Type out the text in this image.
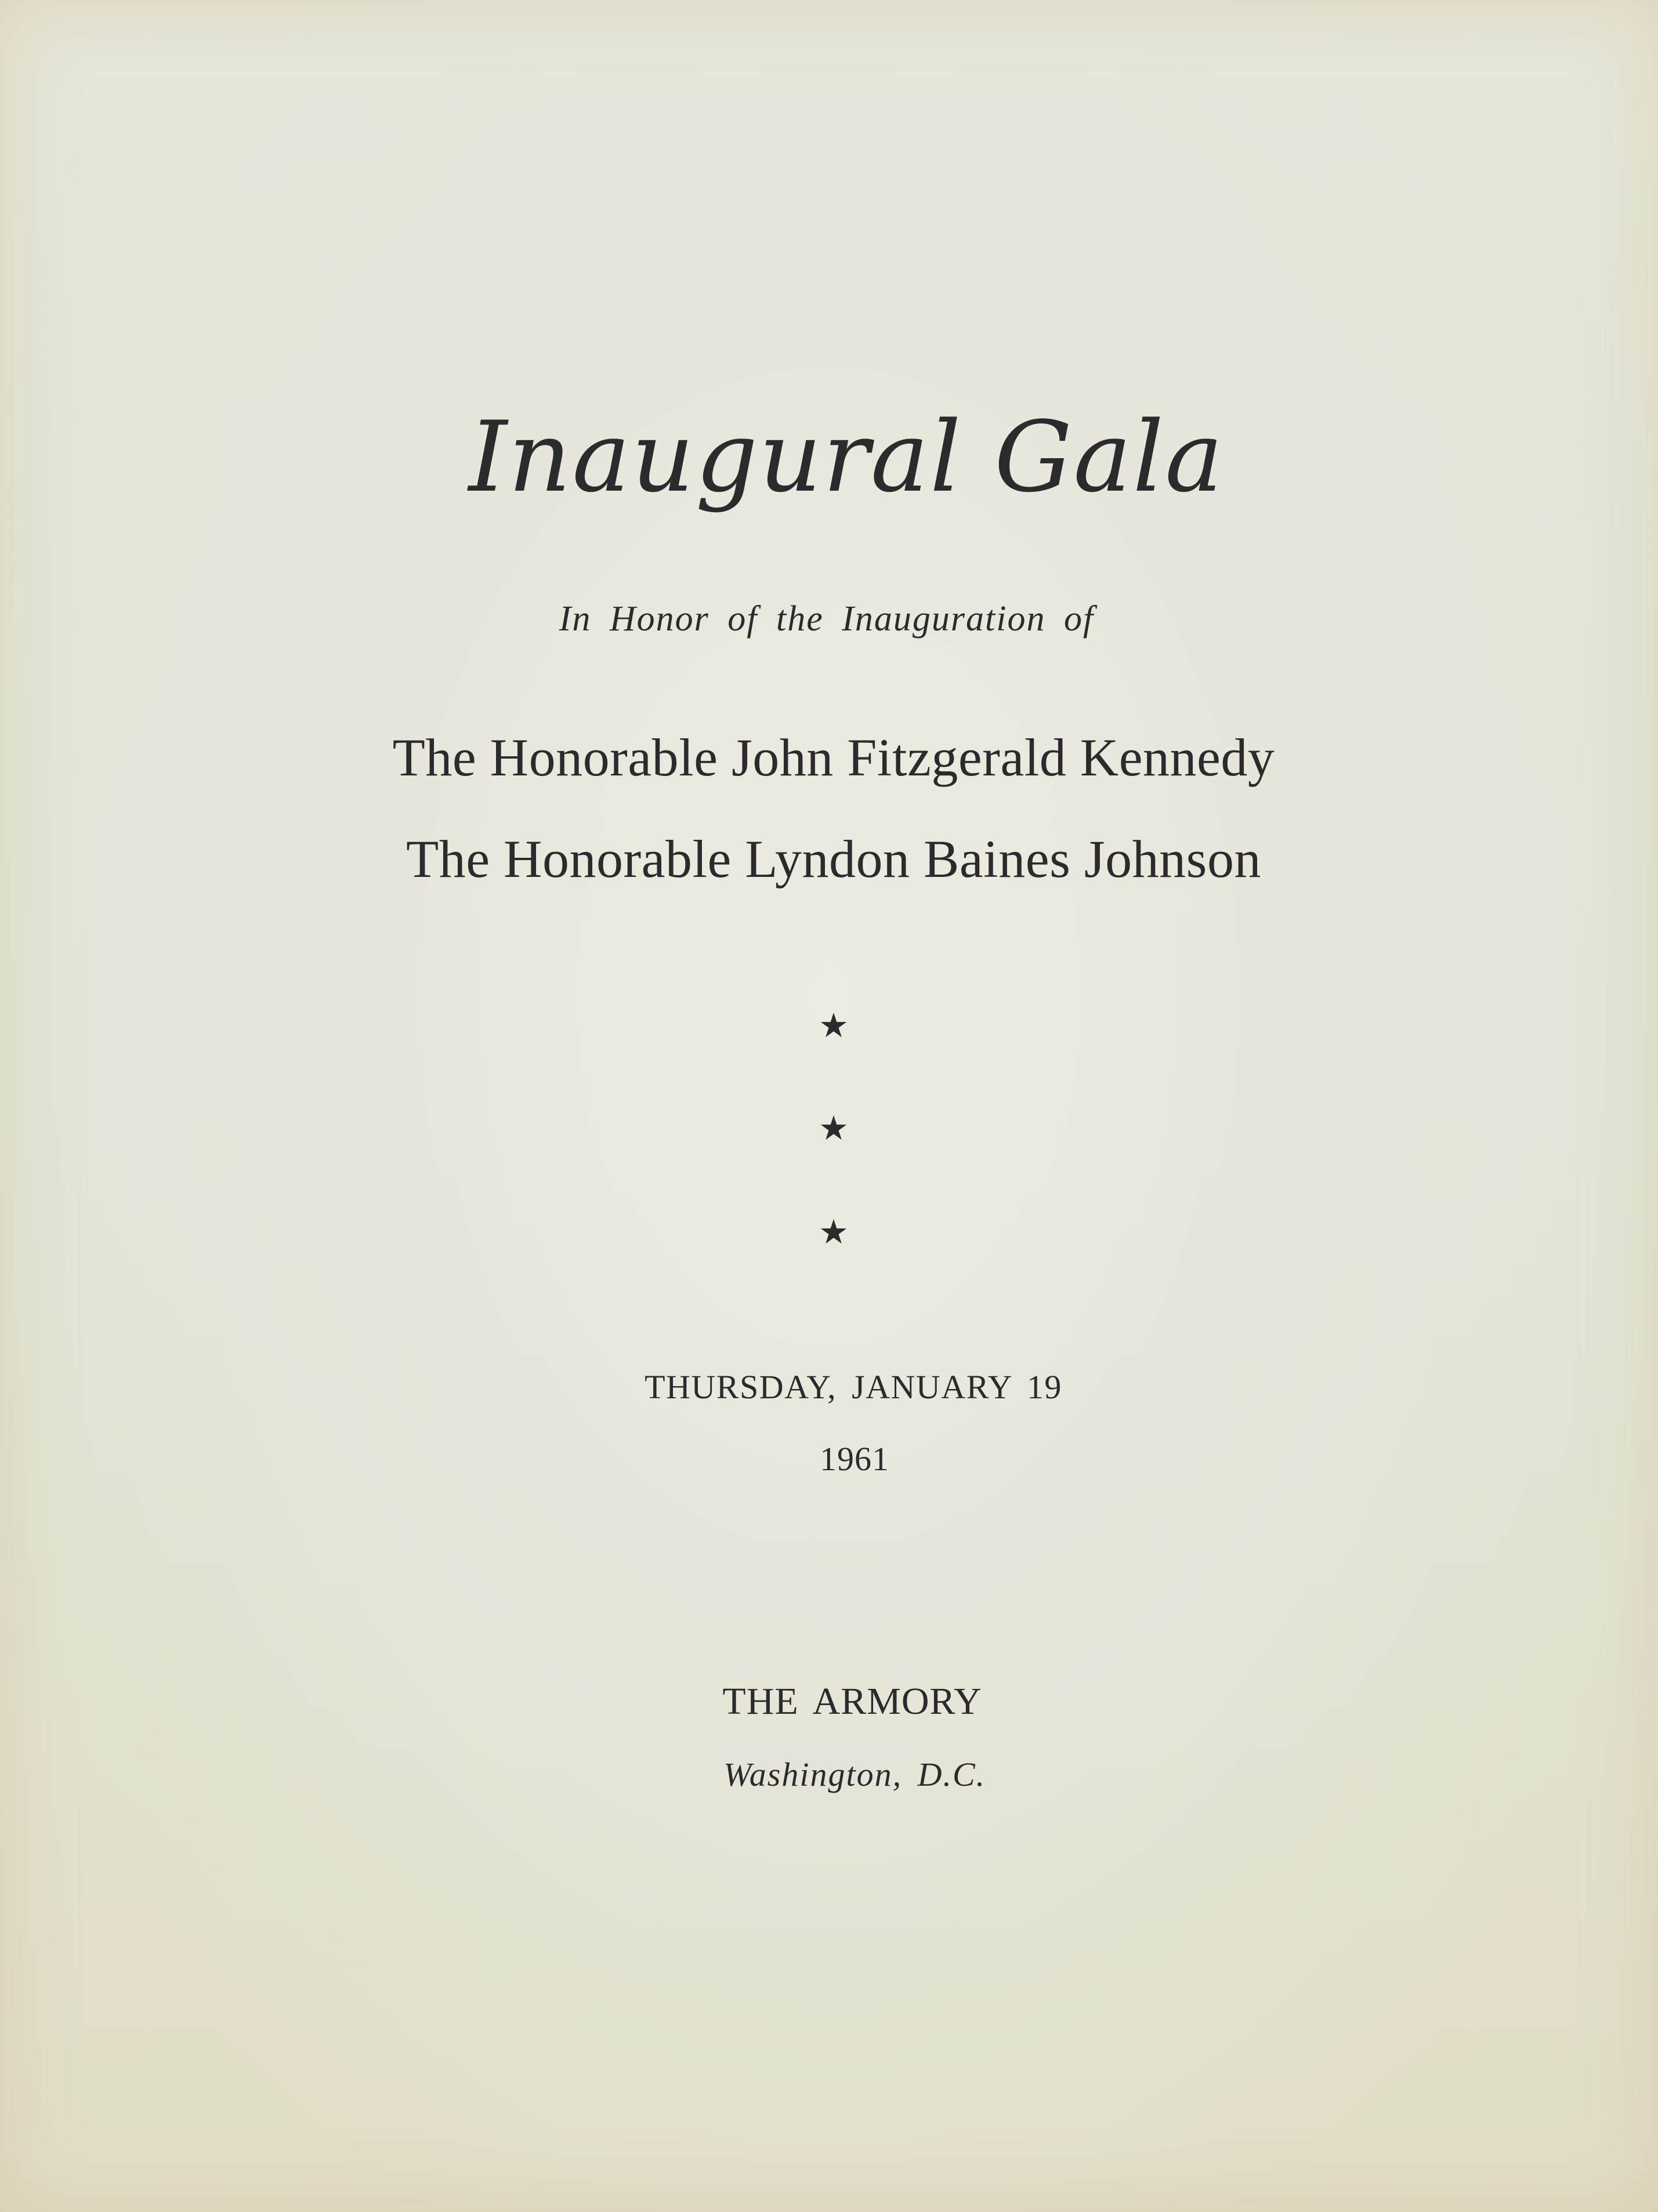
Inaugural Gala
In Honor of the Inauguration of
The Honorable John Fitzgerald Kennedy
The Honorable Lyndon Baines Johnson
★
★
★
THURSDAY, JANUARY 19
1961
THE ARMORY
Washington, D.C.
